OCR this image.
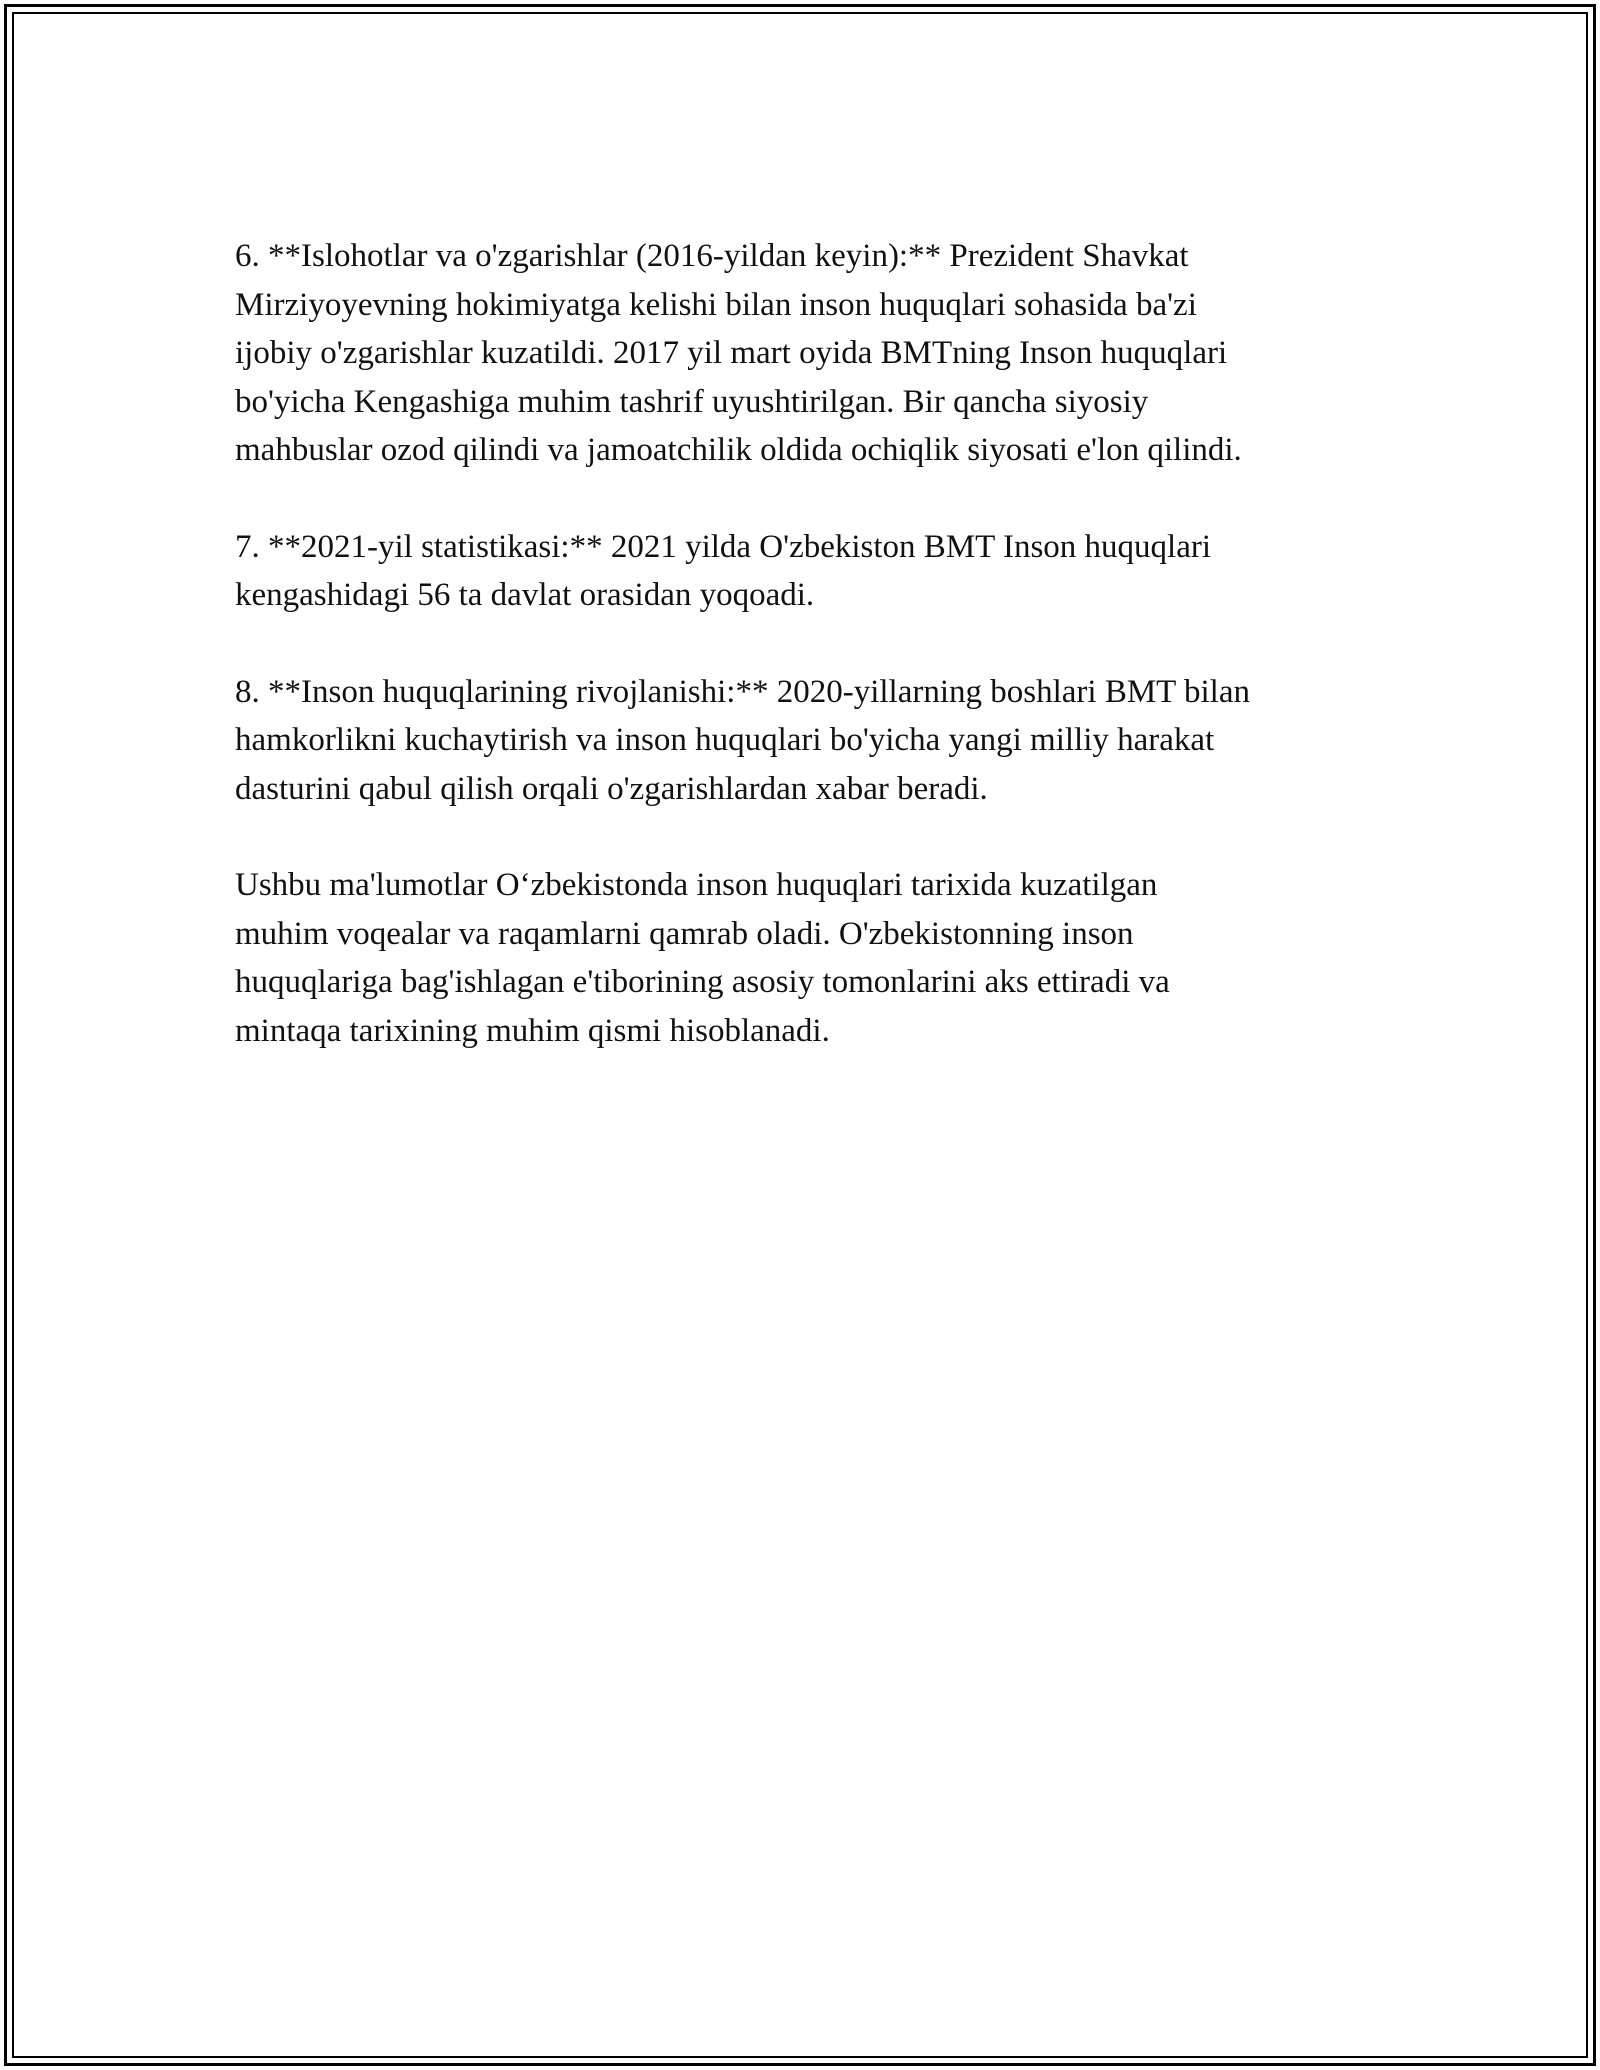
6. **Islohotlar va o'zgarishlar (2016-yildan keyin):** Prezident Shavkat
Mirziyoyevning hokimiyatga kelishi bilan inson huquqlari sohasida ba'zi
ijobiy o'zgarishlar kuzatildi. 2017 yil mart oyida BMTning Inson huquqlari
bo'yicha Kengashiga muhim tashrif uyushtirilgan. Bir qancha siyosiy
mahbuslar ozod qilindi va jamoatchilik oldida ochiqlik siyosati e'lon qilindi.

7. **2021-yil statistikasi:** 2021 yilda O'zbekiston BMT Inson huquqlari
kengashidagi 56 ta davlat orasidan yoqoadi.

8. **Inson huquqlarining rivojlanishi:** 2020-yillarning boshlari BMT bilan
hamkorlikni kuchaytirish va inson huquqlari bo'yicha yangi milliy harakat
dasturini qabul qilish orqali o'zgarishlardan xabar beradi.

Ushbu ma'lumotlar O‘zbekistonda inson huquqlari tarixida kuzatilgan
muhim voqealar va raqamlarni qamrab oladi. O'zbekistonning inson
huquqlariga bag'ishlagan e'tiborining asosiy tomonlarini aks ettiradi va
mintaqa tarixining muhim qismi hisoblanadi.
